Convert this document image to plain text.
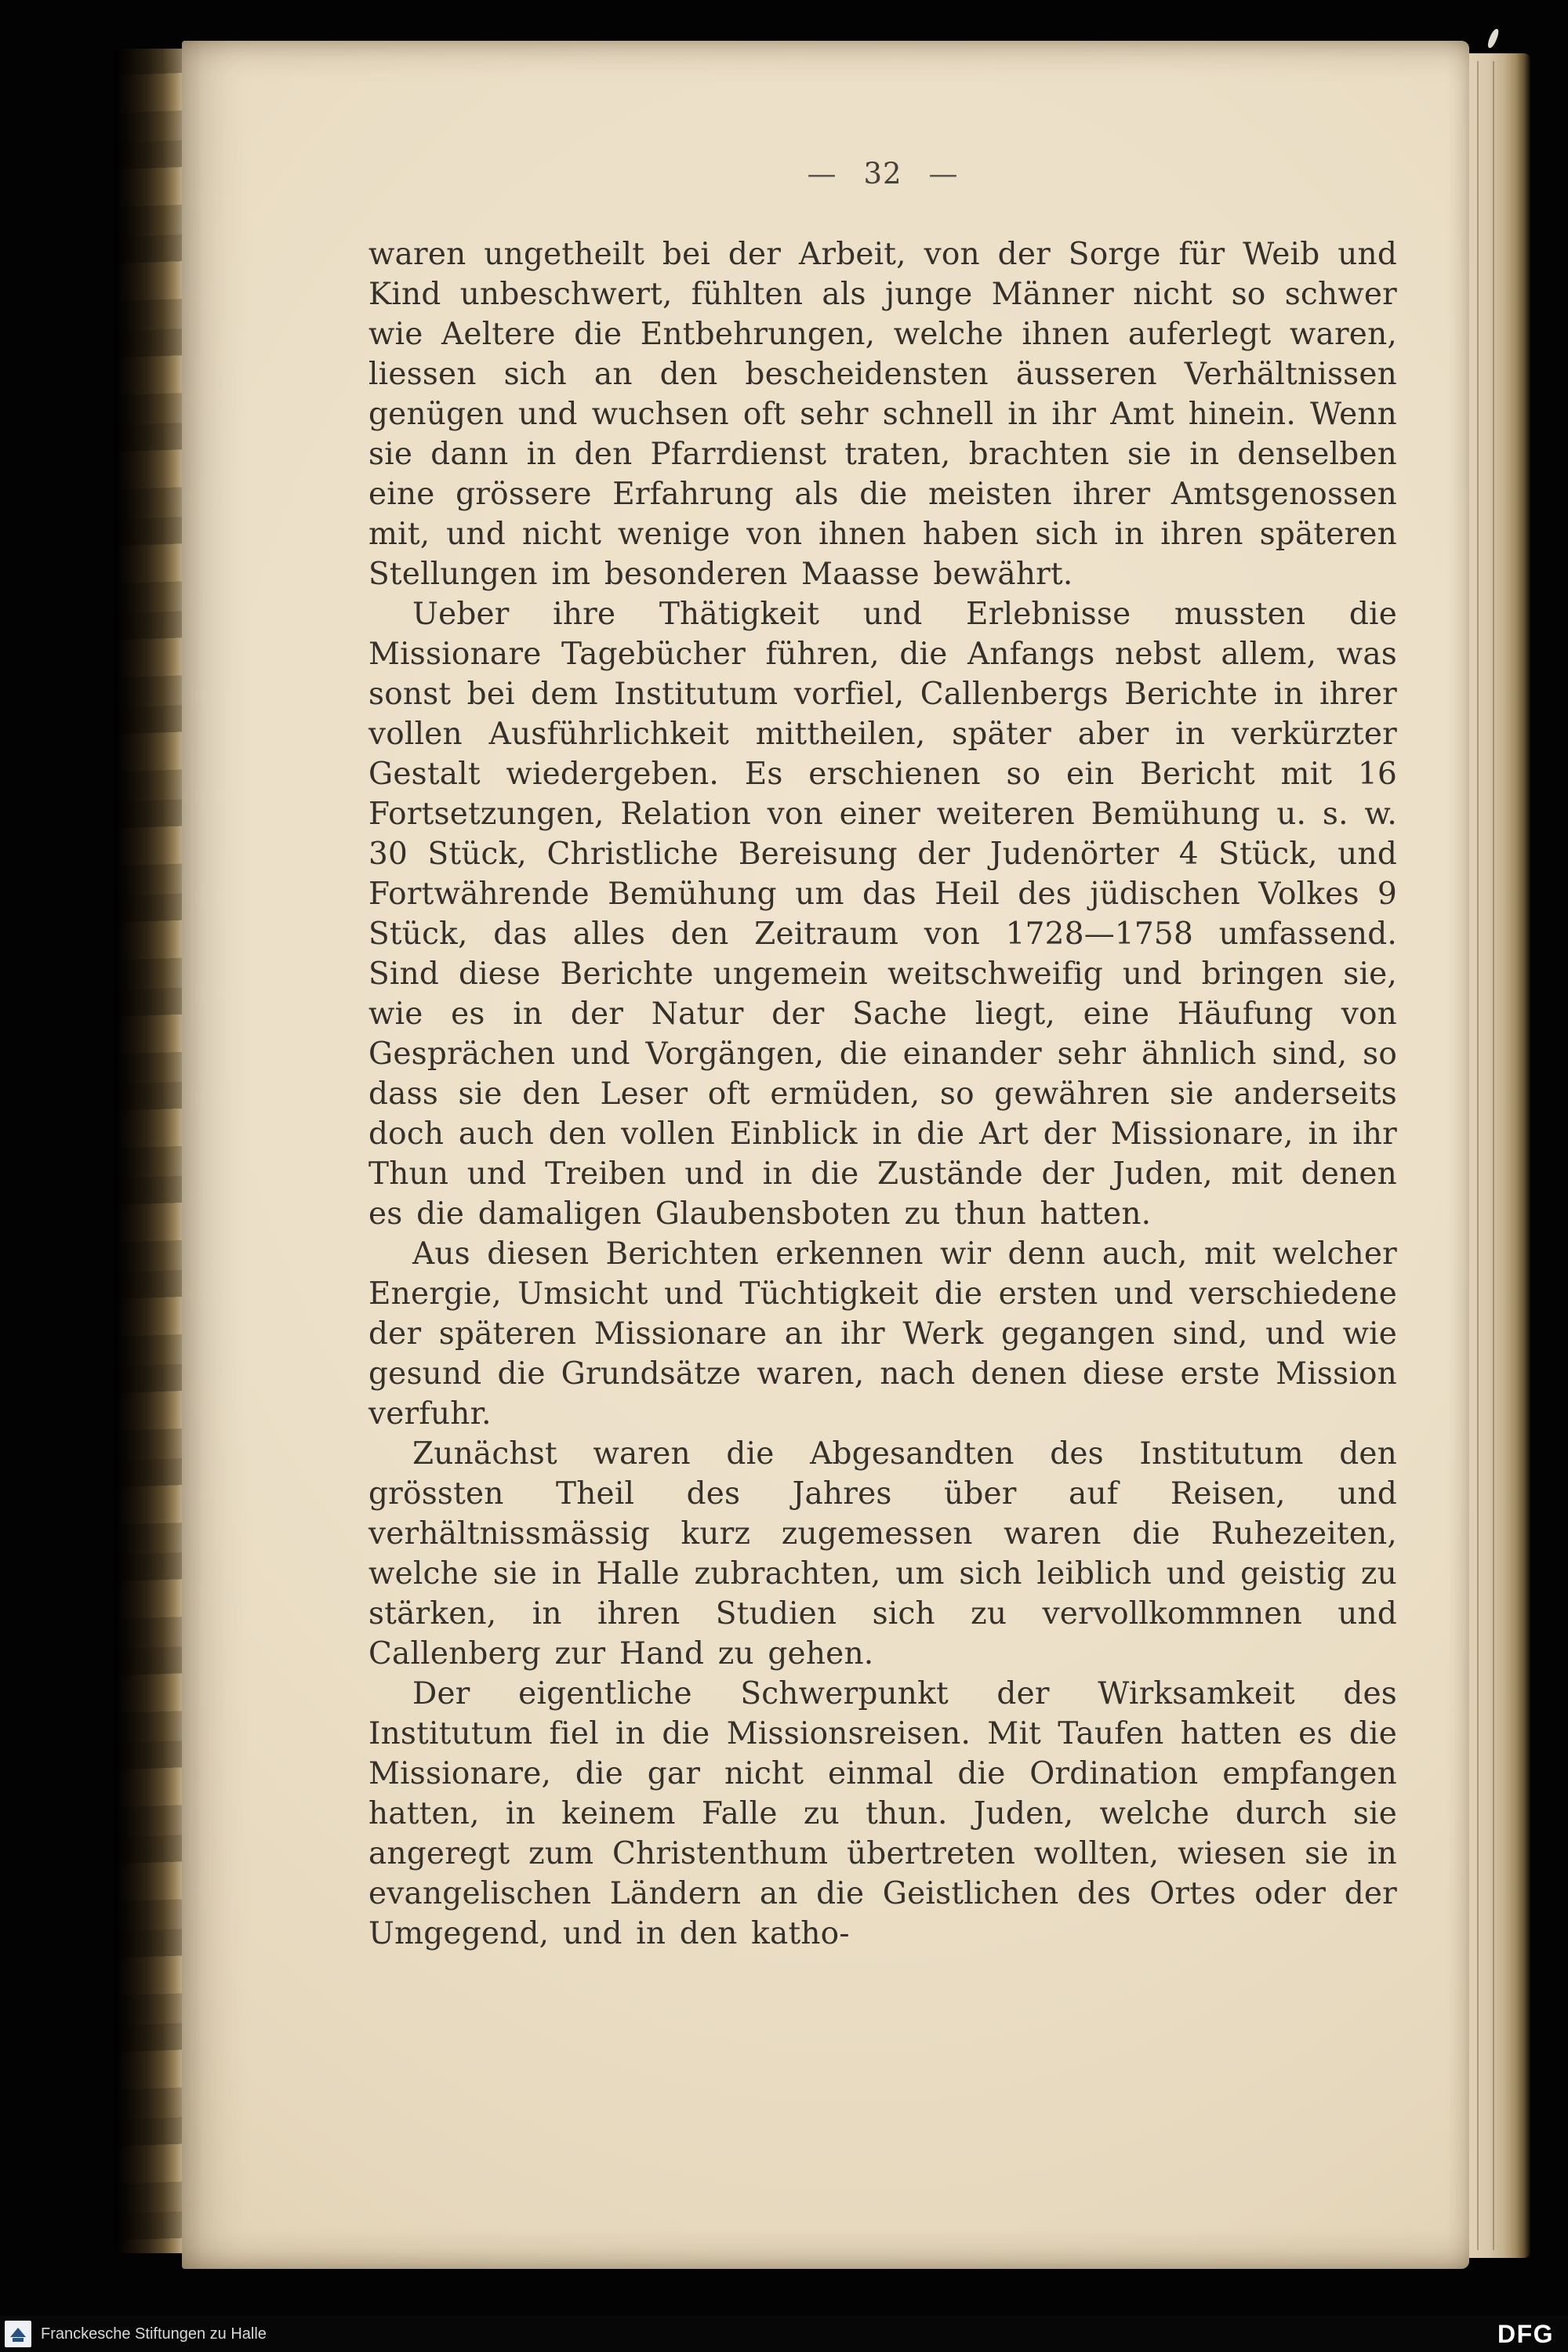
— 32 —

waren ungetheilt bei der Arbeit, von der Sorge für Weib und Kind unbeschwert, fühlten als junge Männer nicht so schwer wie Aeltere die Entbehrungen, welche ihnen auferlegt waren, liessen sich an den bescheidensten äusseren Verhältnissen genügen und wuchsen oft sehr schnell in ihr Amt hinein. Wenn sie dann in den Pfarrdienst traten, brachten sie in denselben eine grössere Erfahrung als die meisten ihrer Amtsgenossen mit, und nicht wenige von ihnen haben sich in ihren späteren Stellungen im besonderen Maasse bewährt.

Ueber ihre Thätigkeit und Erlebnisse mussten die Missionare Tagebücher führen, die Anfangs nebst allem, was sonst bei dem Institutum vorfiel, Callenbergs Berichte in ihrer vollen Ausführlichkeit mittheilen, später aber in verkürzter Gestalt wiedergeben. Es erschienen so ein Bericht mit 16 Fortsetzungen, Relation von einer weiteren Bemühung u. s. w. 30 Stück, Christliche Bereisung der Judenörter 4 Stück, und Fortwährende Bemühung um das Heil des jüdischen Volkes 9 Stück, das alles den Zeitraum von 1728—1758 umfassend. Sind diese Berichte ungemein weitschweifig und bringen sie, wie es in der Natur der Sache liegt, eine Häufung von Gesprächen und Vorgängen, die einander sehr ähnlich sind, so dass sie den Leser oft ermüden, so gewähren sie anderseits doch auch den vollen Einblick in die Art der Missionare, in ihr Thun und Treiben und in die Zustände der Juden, mit denen es die damaligen Glaubensboten zu thun hatten.

Aus diesen Berichten erkennen wir denn auch, mit welcher Energie, Umsicht und Tüchtigkeit die ersten und verschiedene der späteren Missionare an ihr Werk gegangen sind, und wie gesund die Grundsätze waren, nach denen diese erste Mission verfuhr.

Zunächst waren die Abgesandten des Institutum den grössten Theil des Jahres über auf Reisen, und verhältnissmässig kurz zugemessen waren die Ruhezeiten, welche sie in Halle zubrachten, um sich leiblich und geistig zu stärken, in ihren Studien sich zu vervollkommnen und Callenberg zur Hand zu gehen.

Der eigentliche Schwerpunkt der Wirksamkeit des Institutum fiel in die Missionsreisen. Mit Taufen hatten es die Missionare, die gar nicht einmal die Ordination empfangen hatten, in keinem Falle zu thun. Juden, welche durch sie angeregt zum Christenthum übertreten wollten, wiesen sie in evangelischen Ländern an die Geistlichen des Ortes oder der Umgegend, und in den katho-

Franckesche Stiftungen zu Halle	DFG
